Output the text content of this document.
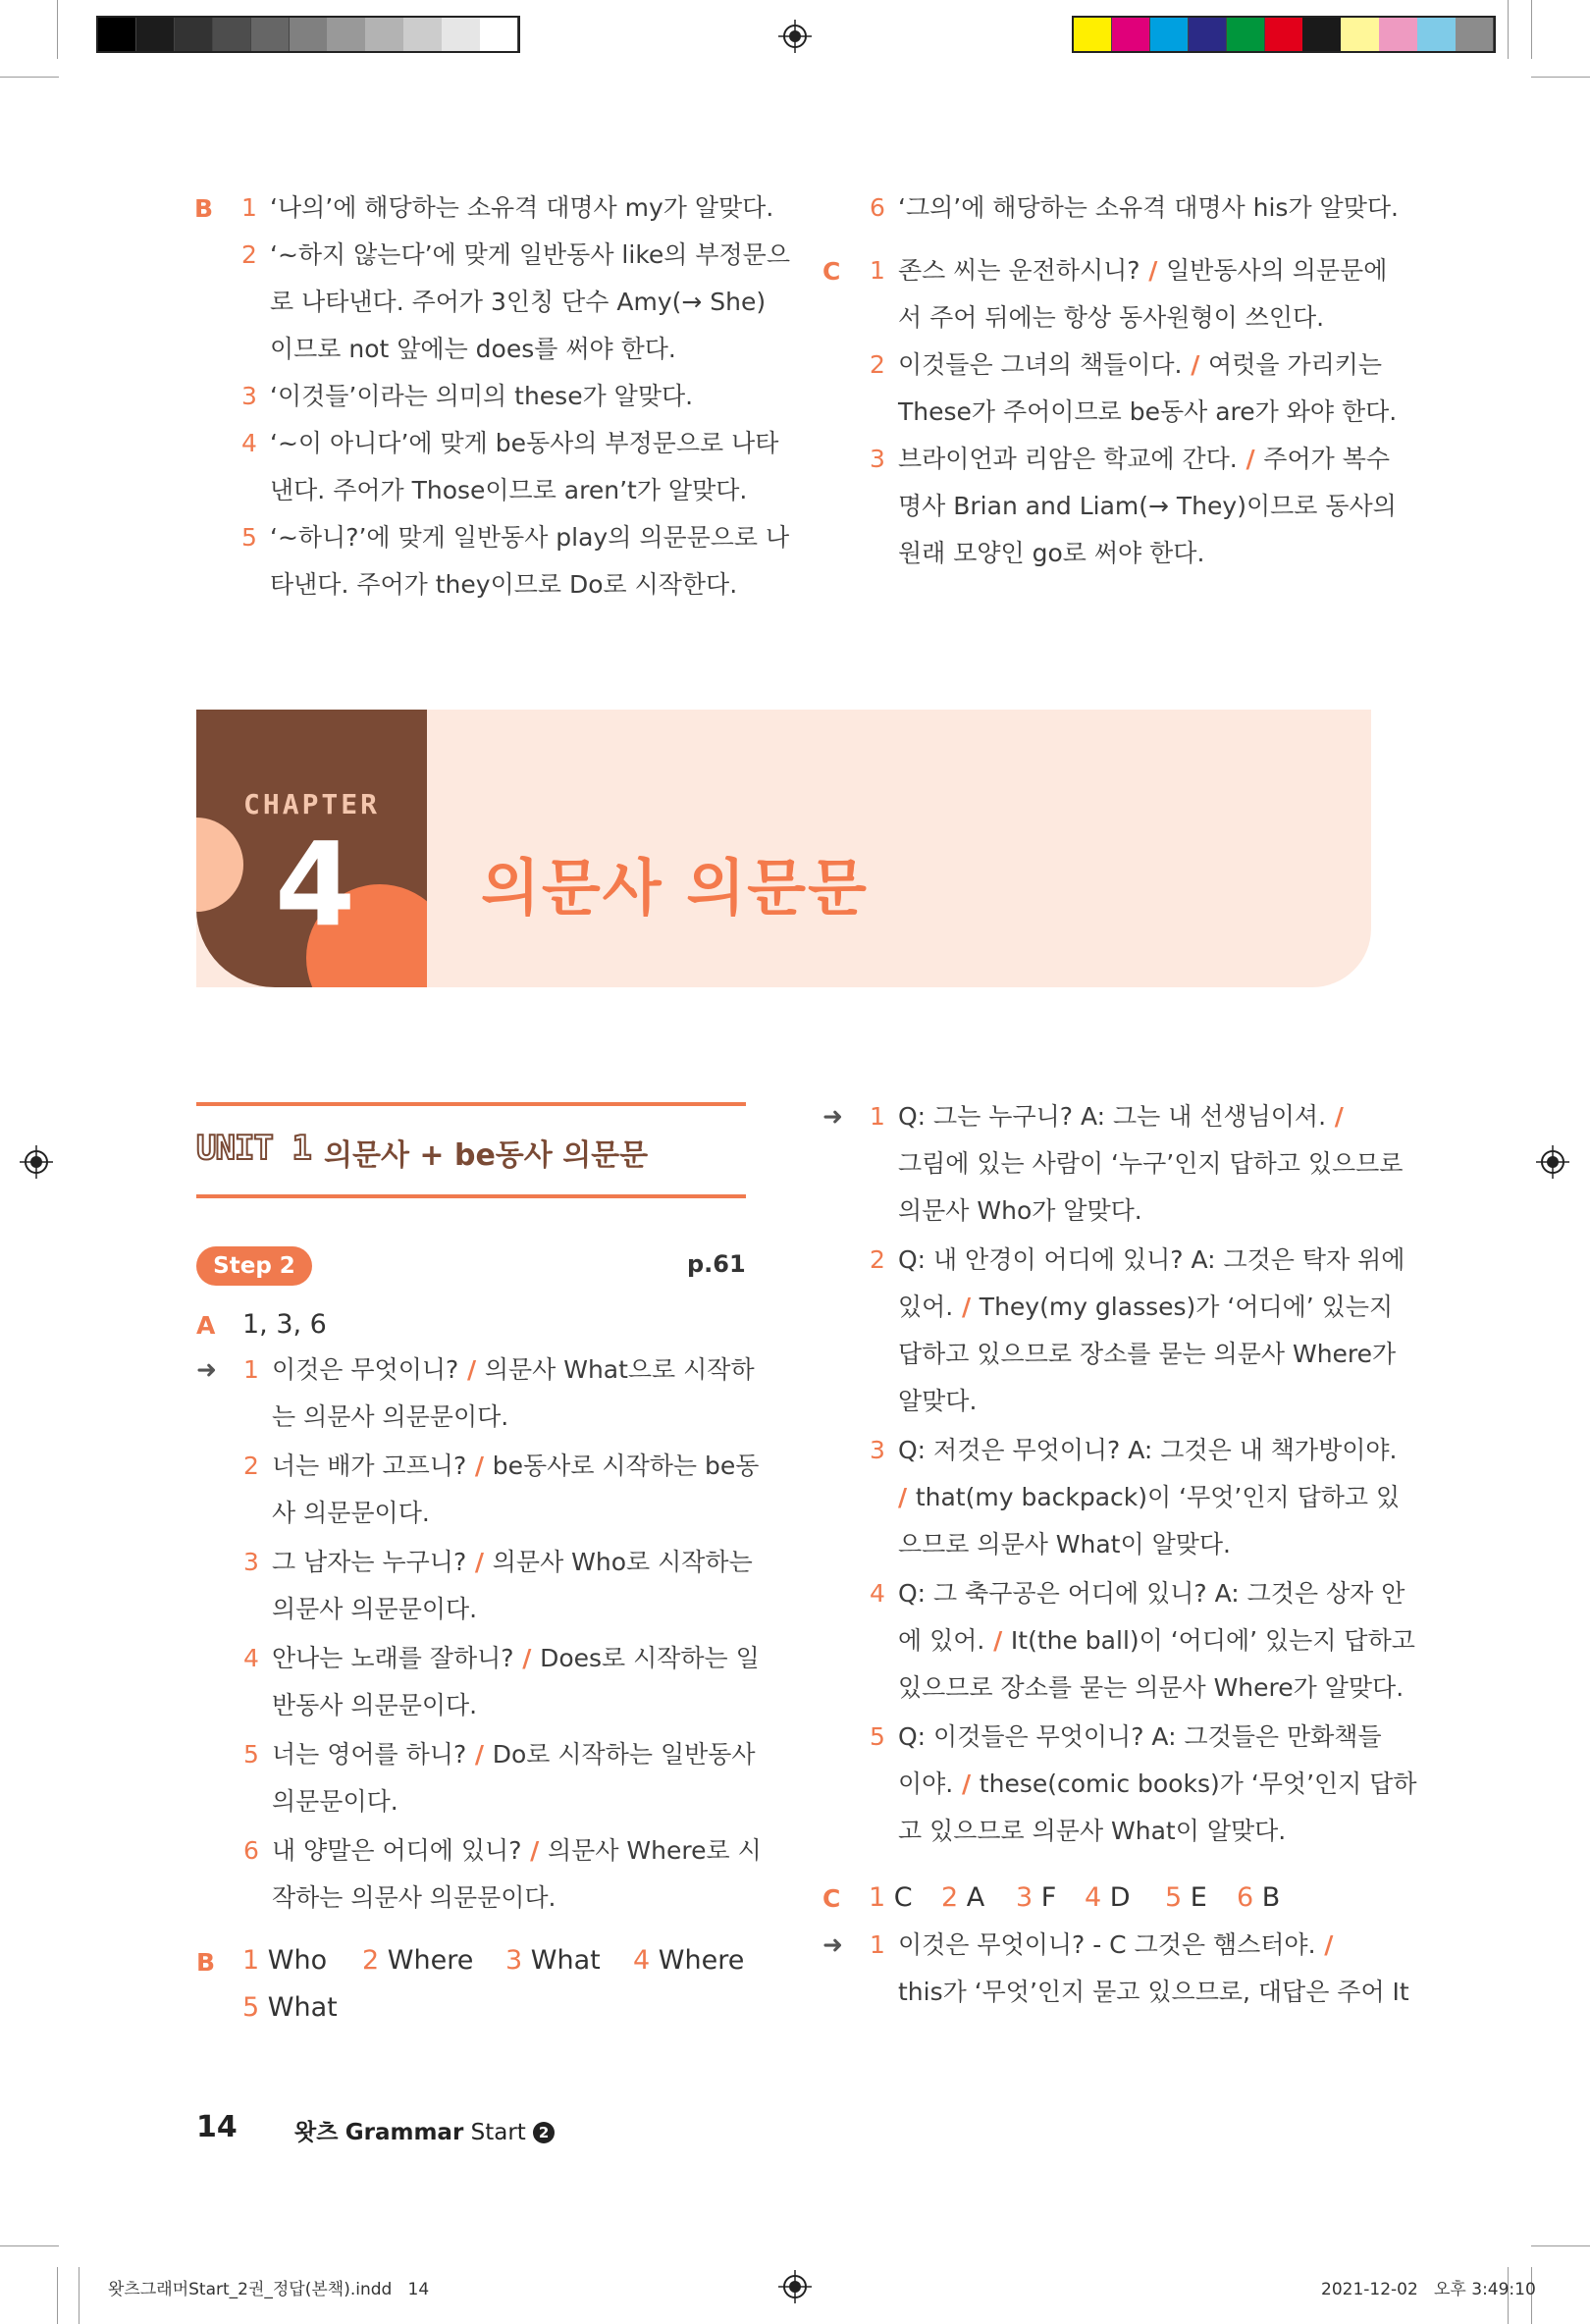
왓츠그래머Start_2권_정답(본책).indd   14	2021-12-02   오후 3:49:10
B 1 ‘나의’에 해당하는 소유격 대명사 my가 알맞다.
2 ‘~하지 않는다’에 맞게 일반동사 like의 부정문으
로 나타낸다. 주어가 3인칭 단수 Amy(→ She)
이므로 not 앞에는 does를 써야 한다.
3 ‘이것들’이라는 의미의 these가 알맞다.
4 ‘~이 아니다’에 맞게 be동사의 부정문으로 나타
낸다. 주어가 Those이므로 aren’t가 알맞다.
5 ‘~하니?’에 맞게 일반동사 play의 의문문으로 나
타낸다. 주어가 they이므로 Do로 시작한다.
6 ‘그의’에 해당하는 소유격 대명사 his가 알맞다.
C 1 존스 씨는 운전하시니? / 일반동사의 의문문에
서 주어 뒤에는 항상 동사원형이 쓰인다.
2 이것들은 그녀의 책들이다. / 여럿을 가리키는
These가 주어이므로 be동사 are가 와야 한다.
3 브라이언과 리암은 학교에 간다. / 주어가 복수
명사 Brian and Liam(→ They)이므로 동사의
원래 모양인 go로 써야 한다.
CHAPTER
4 의문사 의문문
UNIT 1 의문사 + be동사 의문문
Step 2	p.61
A 1, 3, 6
➜ 1 이것은 무엇이니? / 의문사 What으로 시작하
는 의문사 의문문이다.
2 너는 배가 고프니? / be동사로 시작하는 be동
사 의문문이다.
3 그 남자는 누구니? / 의문사 Who로 시작하는
의문사 의문문이다.
4 안나는 노래를 잘하니? / Does로 시작하는 일
반동사 의문문이다.
5 너는 영어를 하니? / Do로 시작하는 일반동사
의문문이다.
6 내 양말은 어디에 있니? / 의문사 Where로 시
작하는 의문사 의문문이다.
B 1 Who 2 Where 3 What 4 Where
5 What
➜ 1 Q: 그는 누구니? A: 그는 내 선생님이셔. /
그림에 있는 사람이 ‘누구’인지 답하고 있으므로
의문사 Who가 알맞다.
2 Q: 내 안경이 어디에 있니? A: 그것은 탁자 위에
있어. / They(my glasses)가 ‘어디에’ 있는지
답하고 있으므로 장소를 묻는 의문사 Where가
알맞다.
3 Q: 저것은 무엇이니? A: 그것은 내 책가방이야.
/ that(my backpack)이 ‘무엇’인지 답하고 있
으므로 의문사 What이 알맞다.
4 Q: 그 축구공은 어디에 있니? A: 그것은 상자 안
에 있어. / It(the ball)이 ‘어디에’ 있는지 답하고
있으므로 장소를 묻는 의문사 Where가 알맞다.
5 Q: 이것들은 무엇이니? A: 그것들은 만화책들
이야. / these(comic books)가 ‘무엇’인지 답하
고 있으므로 의문사 What이 알맞다.
C 1 C 2 A 3 F 4 D 5 E 6 B
➜ 1 이것은 무엇이니? - C 그것은 햄스터야. /
this가 ‘무엇’인지 묻고 있으므로, 대답은 주어 It
14	왓츠 Grammar Start 2
